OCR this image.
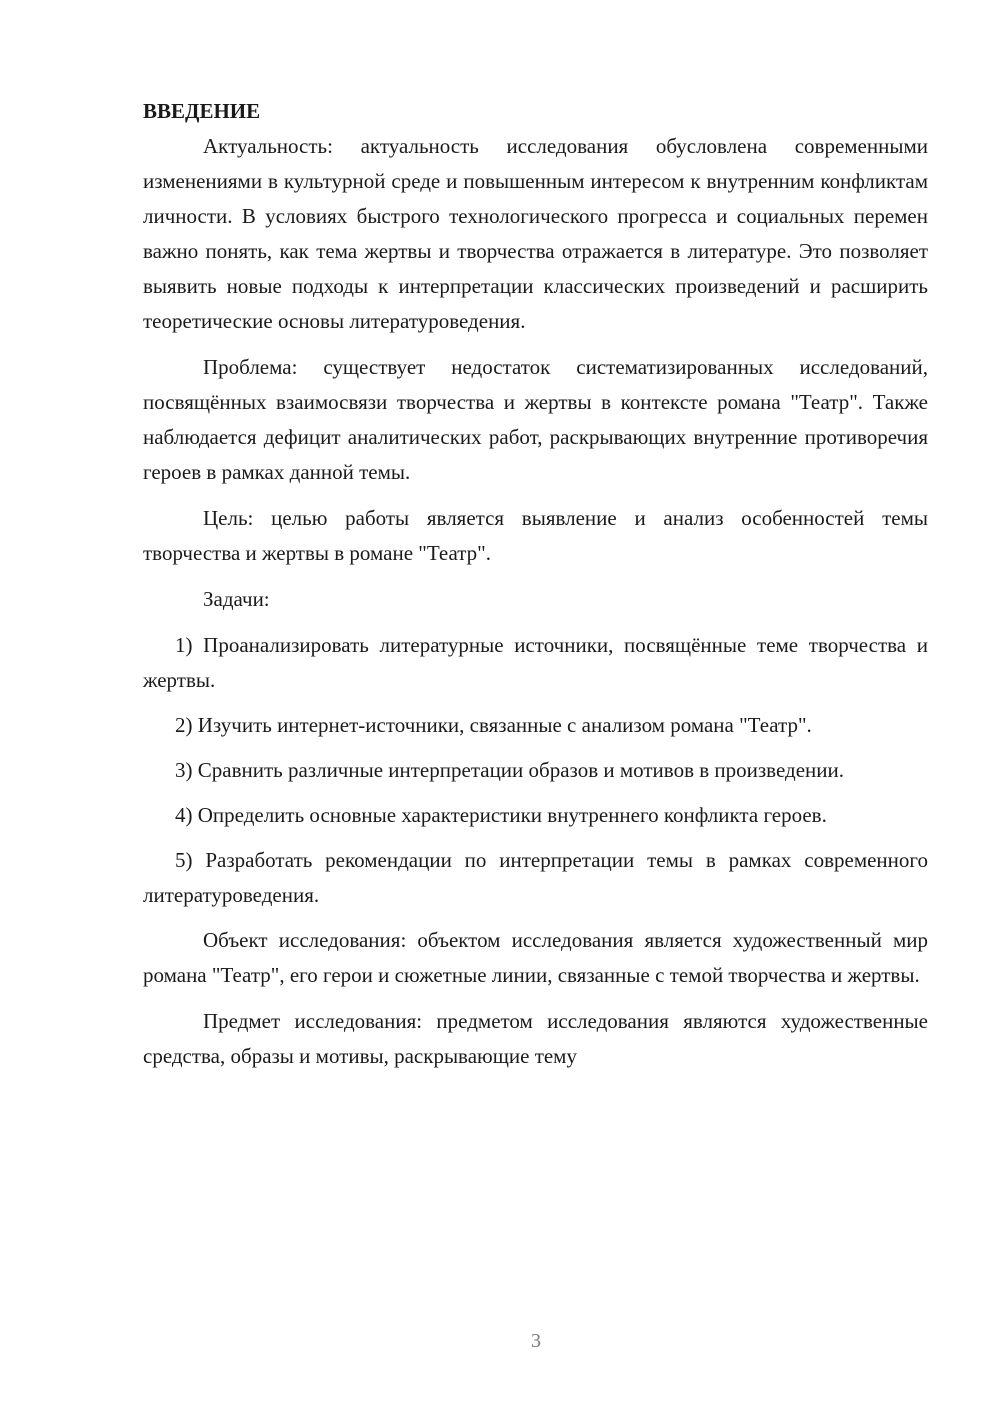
ВВЕДЕНИЕ

Актуальность: актуальность исследования обусловлена современными изменениями в культурной среде и повышенным интересом к внутренним конфликтам личности. В условиях быстрого технологического прогресса и социальных перемен важно понять, как тема жертвы и творчества отражается в литературе. Это позволяет выявить новые подходы к интерпретации классических произведений и расширить теоретические основы литературоведения.

Проблема: существует недостаток систематизированных исследований, посвящённых взаимосвязи творчества и жертвы в контексте романа "Театр". Также наблюдается дефицит аналитических работ, раскрывающих внутренние противоречия героев в рамках данной темы.

Цель: целью работы является выявление и анализ особенностей темы творчества и жертвы в романе "Театр".

Задачи:

1) Проанализировать литературные источники, посвящённые теме творчества и жертвы.

2) Изучить интернет-источники, связанные с анализом романа "Театр".

3) Сравнить различные интерпретации образов и мотивов в произведении.

4) Определить основные характеристики внутреннего конфликта героев.

5) Разработать рекомендации по интерпретации темы в рамках современного литературоведения.

Объект исследования: объектом исследования является художественный мир романа "Театр", его герои и сюжетные линии, связанные с темой творчества и жертвы.

Предмет исследования: предметом исследования являются художественные средства, образы и мотивы, раскрывающие тему

3
